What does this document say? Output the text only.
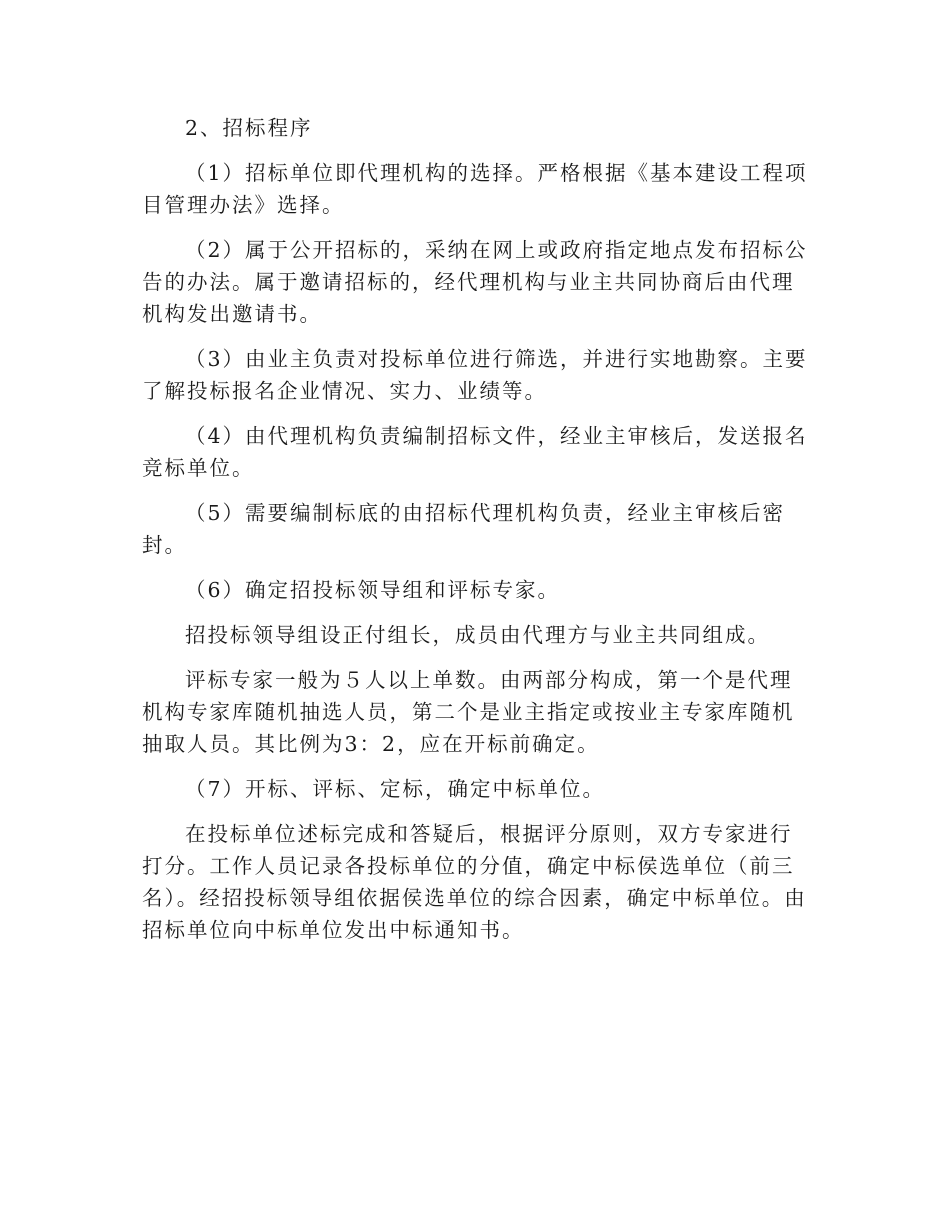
2、招标程序

（1）招标单位即代理机构的选择。严格根据《基本建设工程项目管理办法》选择。

（2）属于公开招标的，采纳在网上或政府指定地点发布招标公告的办法。属于邀请招标的，经代理机构与业主共同协商后由代理机构发出邀请书。

（3）由业主负责对投标单位进行筛选，并进行实地勘察。主要了解投标报名企业情况、实力、业绩等。

（4）由代理机构负责编制招标文件，经业主审核后，发送报名竞标单位。

（5）需要编制标底的由招标代理机构负责，经业主审核后密封。

（6）确定招投标领导组和评标专家。

招投标领导组设正付组长，成员由代理方与业主共同组成。

评标专家一般为５人以上单数。由两部分构成，第一个是代理机构专家库随机抽选人员，第二个是业主指定或按业主专家库随机抽取人员。其比例为3：2，应在开标前确定。

（7）开标、评标、定标，确定中标单位。

在投标单位述标完成和答疑后，根据评分原则，双方专家进行打分。工作人员记录各投标单位的分值，确定中标侯选单位（前三名）。经招投标领导组依据侯选单位的综合因素，确定中标单位。由招标单位向中标单位发出中标通知书。
